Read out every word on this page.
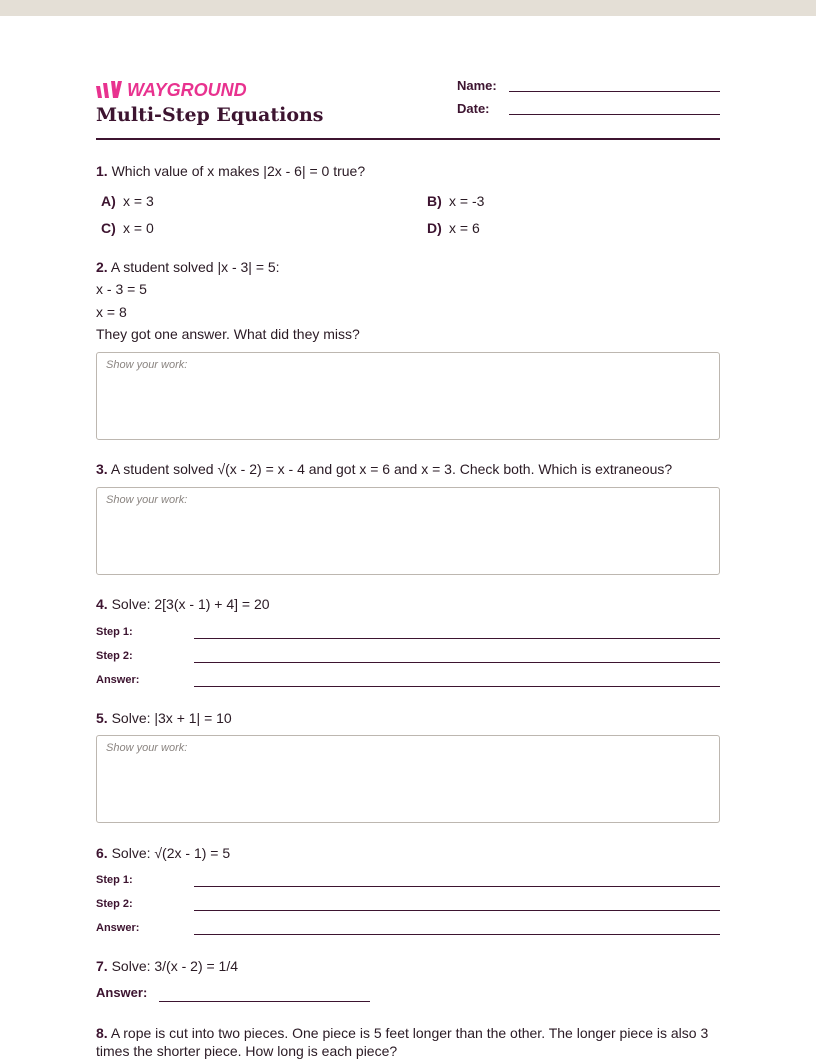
WAYGROUND
Multi-Step Equations
Name:
Date:
1. Which value of x makes |2x - 6| = 0 true?
A) x = 3	B) x = -3
C) x = 0	D) x = 6
2. A student solved |x - 3| = 5:
x - 3 = 5
x = 8
They got one answer. What did they miss?
Show your work:
3. A student solved √(x - 2) = x - 4 and got x = 6 and x = 3. Check both. Which is extraneous?
Show your work:
4. Solve: 2[3(x - 1) + 4] = 20
Step 1:
Step 2:
Answer:
5. Solve: |3x + 1| = 10
Show your work:
6. Solve: √(2x - 1) = 5
Step 1:
Step 2:
Answer:
7. Solve: 3/(x - 2) = 1/4
Answer:
8. A rope is cut into two pieces. One piece is 5 feet longer than the other. The longer piece is also 3 times the shorter piece. How long is each piece?
